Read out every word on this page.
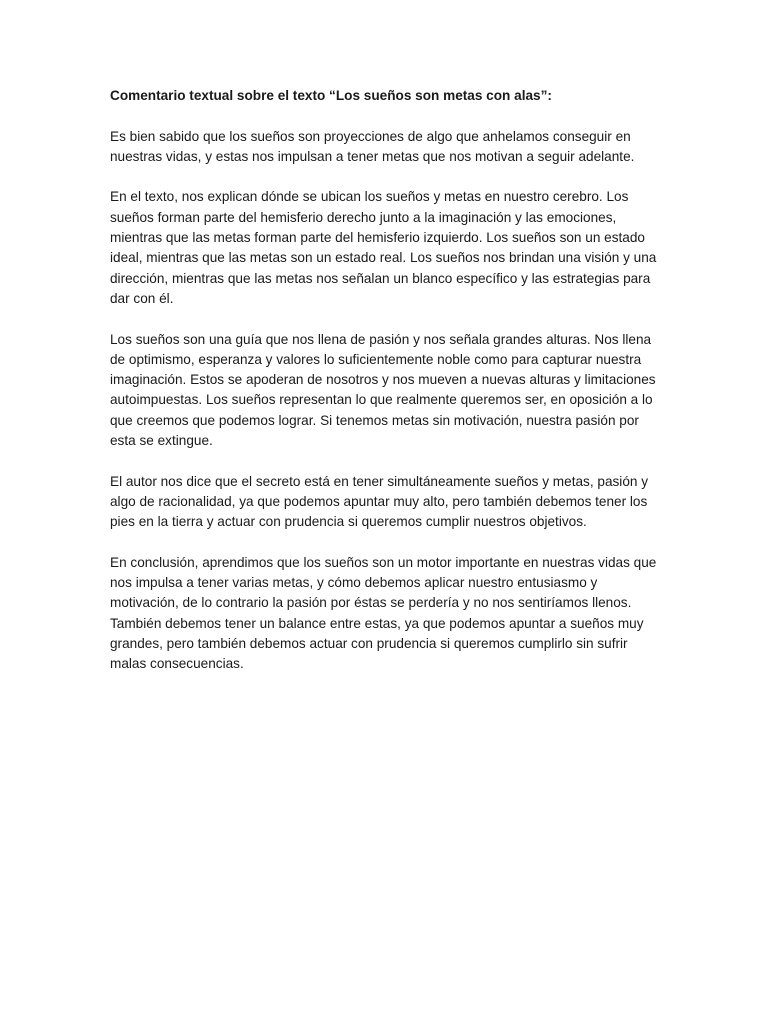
Comentario textual sobre el texto “Los sueños son metas con alas”:

Es bien sabido que los sueños son proyecciones de algo que anhelamos conseguir en nuestras vidas, y estas nos impulsan a tener metas que nos motivan a seguir adelante.

En el texto, nos explican dónde se ubican los sueños y metas en nuestro cerebro. Los sueños forman parte del hemisferio derecho junto a la imaginación y las emociones, mientras que las metas forman parte del hemisferio izquierdo. Los sueños son un estado ideal, mientras que las metas son un estado real. Los sueños nos brindan una visión y una dirección, mientras que las metas nos señalan un blanco específico y las estrategias para dar con él.

Los sueños son una guía que nos llena de pasión y nos señala grandes alturas. Nos llena de optimismo, esperanza y valores lo suficientemente noble como para capturar nuestra imaginación. Estos se apoderan de nosotros y nos mueven a nuevas alturas y limitaciones autoimpuestas. Los sueños representan lo que realmente queremos ser, en oposición a lo que creemos que podemos lograr. Si tenemos metas sin motivación, nuestra pasión por esta se extingue.

El autor nos dice que el secreto está en tener simultáneamente sueños y metas, pasión y algo de racionalidad, ya que podemos apuntar muy alto, pero también debemos tener los pies en la tierra y actuar con prudencia si queremos cumplir nuestros objetivos.

En conclusión, aprendimos que los sueños son un motor importante en nuestras vidas que nos impulsa a tener varias metas, y cómo debemos aplicar nuestro entusiasmo y motivación, de lo contrario la pasión por éstas se perdería y no nos sentiríamos llenos. También debemos tener un balance entre estas, ya que podemos apuntar a sueños muy grandes, pero también debemos actuar con prudencia si queremos cumplirlo sin sufrir malas consecuencias.
